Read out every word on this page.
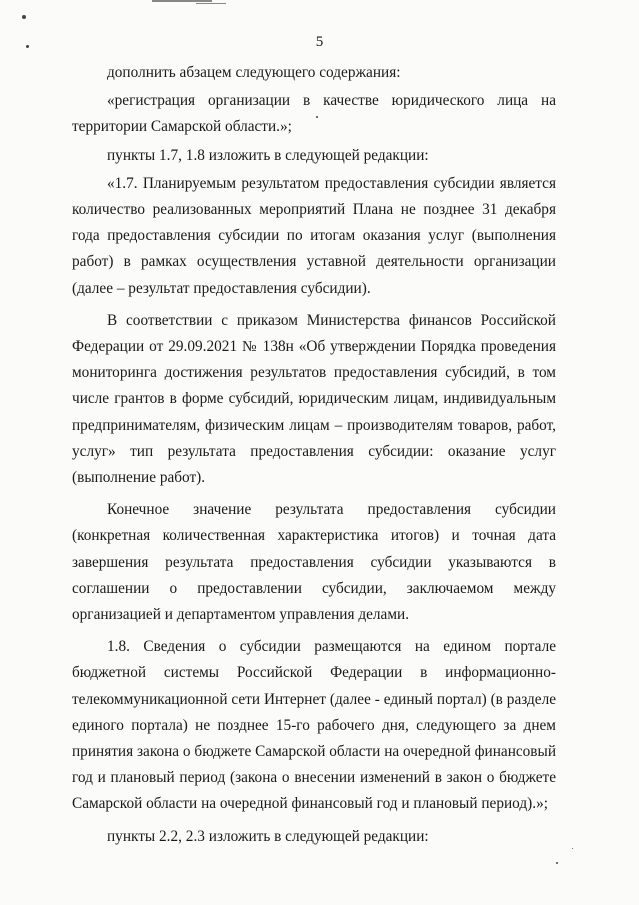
5

дополнить абзацем следующего содержания:

«регистрация организации в качестве юридического лица на территории Самарской области.»;

пункты 1.7, 1.8 изложить в следующей редакции:

«1.7. Планируемым результатом предоставления субсидии является количество реализованных мероприятий Плана не позднее 31 декабря года предоставления субсидии по итогам оказания услуг (выполнения работ) в рамках осуществления уставной деятельности организации (далее – результат предоставления субсидии).

В соответствии с приказом Министерства финансов Российской Федерации от 29.09.2021 № 138н «Об утверждении Порядка проведения мониторинга достижения результатов предоставления субсидий, в том числе грантов в форме субсидий, юридическим лицам, индивидуальным предпринимателям, физическим лицам – производителям товаров, работ, услуг» тип результата предоставления субсидии: оказание услуг (выполнение работ).

Конечное значение результата предоставления субсидии (конкретная количественная характеристика итогов) и точная дата завершения результата предоставления субсидии указываются в соглашении о предоставлении субсидии, заключаемом между организацией и департаментом управления делами.

1.8. Сведения о субсидии размещаются на едином портале бюджетной системы Российской Федерации в информационно-телекоммуникационной сети Интернет (далее - единый портал) (в разделе единого портала) не позднее 15-го рабочего дня, следующего за днем принятия закона о бюджете Самарской области на очередной финансовый год и плановый период (закона о внесении изменений в закон о бюджете Самарской области на очередной финансовый год и плановый период).»;

пункты 2.2, 2.3 изложить в следующей редакции:
